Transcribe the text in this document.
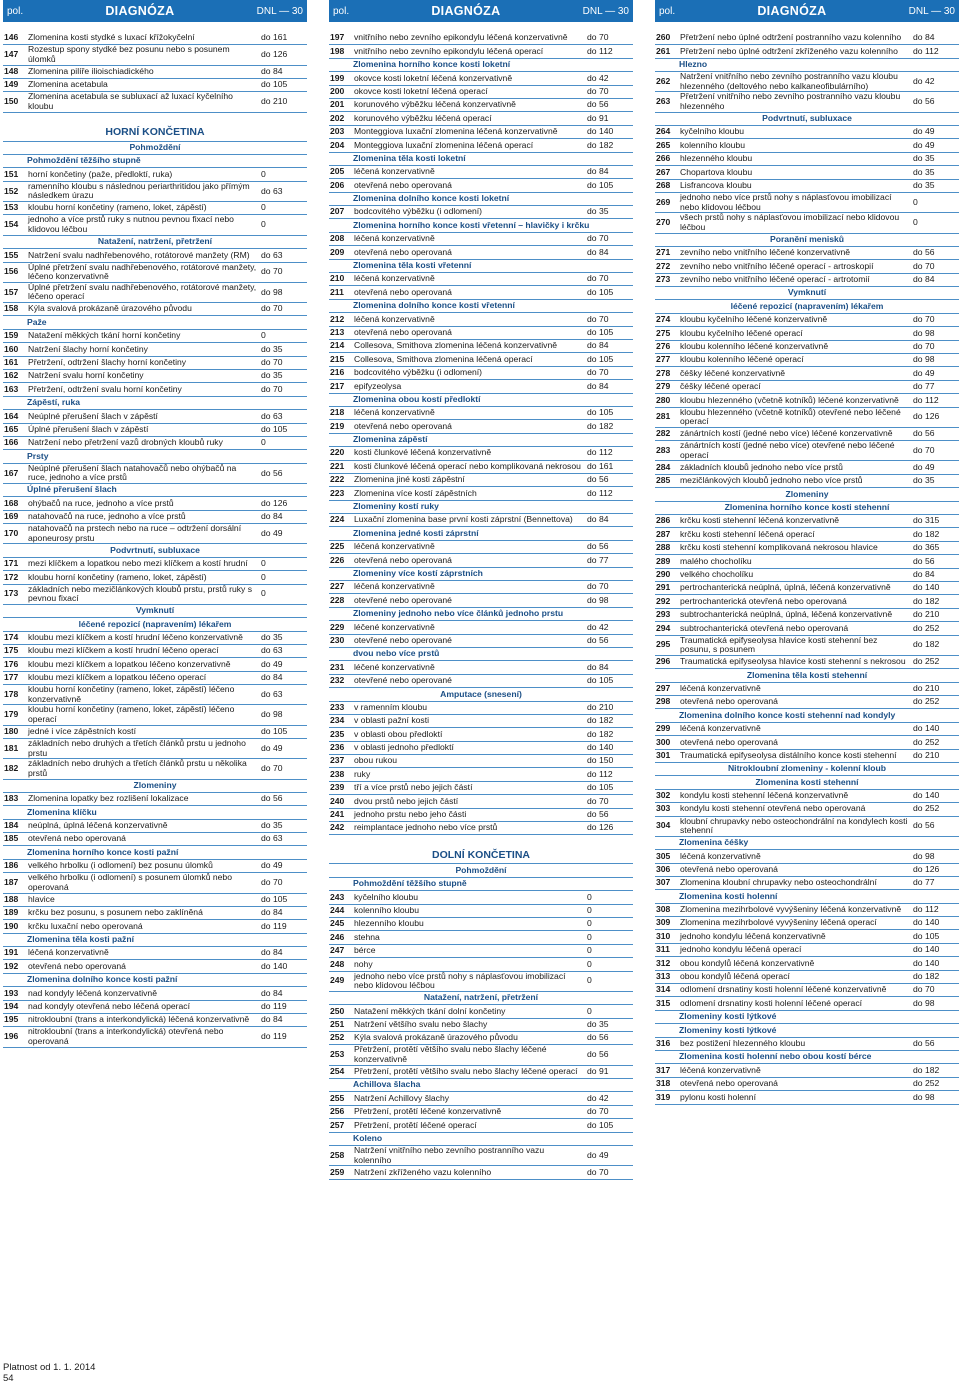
pol.	DIAGNÓZA	DNL — 30
146	Zlomenina kosti stydké s luxací křížokyčelní	do 161
147	Rozestup spony stydké bez posunu nebo s posunem úlomků	do 126
148	Zlomenina pilíře ilioischiadického	do 84
149	Zlomenina acetabula	do 105
150	Zlomenina acetabula se subluxací až luxací kyčelního kloubu	do 210
HORNÍ KONČETINA		
Pohmoždění		
Pohmoždění těžšího stupně		
151	horní končetiny (paže, předloktí, ruka)	0
152	ramenního kloubu s následnou periarthritidou jako přímým následkem úrazu	do 63
153	kloubu horní končetiny (rameno, loket, zápěstí)	0
154	jednoho a více prstů ruky s nutnou pevnou fixací nebo klidovou léčbou	0
Natažení, natržení, přetržení		
155	Natržení svalu nadhřebenového, rotátorové manžety (RM)	do 63
156	Úplné přetržení svalu nadhřebenového, rotátorové manžety, léčeno konzervativně	do 70
157	Úplné přetržení svalu nadhřebenového, rotátorové manžety, léčeno operací	do 98
158	Kýla svalová prokázaně úrazového původu	do 70
Paže		
159	Natažení měkkých tkání horní končetiny	0
160	Natržení šlachy horní končetiny	do 35
161	Přetržení, odtržení šlachy horní končetiny	do 70
162	Natržení svalu horní končetiny	do 35
163	Přetržení, odtržení svalu horní končetiny	do 70
Zápěstí, ruka		
164	Neúplné přerušení šlach v zápěstí	do 63
165	Úplné přerušení šlach v zápěstí	do 105
166	Natržení nebo přetržení vazů drobných kloubů ruky	0
Prsty		
167	Neúplné přerušení šlach natahovačů nebo ohýbačů na ruce, jednoho a více prstů	do 56
Úplné přerušení šlach		
168	ohýbačů na ruce, jednoho a více prstů	do 126
169	natahovačů na ruce, jednoho a více prstů	do 84
170	natahovačů na prstech nebo na ruce – odtržení dorsální aponeurosy prstu	do 49
Podvrtnutí, subluxace		
171	mezi klíčkem a lopatkou nebo mezi klíčkem a kostí hrudní	0
172	kloubu horní končetiny (rameno, loket, zápěstí)	0
173	základních nebo mezičlánkových kloubů prstu, prstů ruky s pevnou fixací	0
Vymknutí		
léčené repozicí (napravením) lékařem		
174	kloubu mezi klíčkem a kostí hrudní léčeno konzervativně	do 35
175	kloubu mezi klíčkem a kostí hrudní léčeno operací	do 63
176	kloubu mezi klíčkem a lopatkou léčeno konzervativně	do 49
177	kloubu mezi klíčkem a lopatkou léčeno operací	do 84
178	kloubu horní končetiny (rameno, loket, zápěstí) léčeno konzervativně	do 63
179	kloubu horní končetiny (rameno, loket, zápěstí) léčeno operací	do 98
180	jedné i více zápěstních kostí	do 105
181	základních nebo druhých a třetích článků prstu u jednoho prstu	do 49
182	základních nebo druhých a třetích článků prstu u několika prstů	do 70
Zlomeniny		
183	Zlomenina lopatky bez rozlišení lokalizace	do 56
Zlomenina klíčku		
184	neúplná, úplná léčená konzervativně	do 35
185	otevřená nebo operovaná	do 63
Zlomenina horního konce kosti pažní		
186	velkého hrbolku (i odlomení) bez posunu úlomků	do 49
187	velkého hrbolku (i odlomení) s posunem úlomků nebo operovaná	do 70
188	hlavice	do 105
189	krčku bez posunu, s posunem nebo zaklíněná	do 84
190	krčku luxační nebo operovaná	do 119
Zlomenina těla kosti pažní		
191	léčená konzervativně	do 84
192	otevřená nebo operovaná	do 140
Zlomenina dolního konce kosti pažní		
193	nad kondyly léčená konzervativně	do 84
194	nad kondyly otevřená nebo léčená operací	do 119
195	nitrokloubní (trans a interkondylická) léčená konzervativně	do 84
196	nitrokloubní (trans a interkondylická) otevřená nebo operovaná	do 119
pol.	DIAGNÓZA	DNL — 30
197	vnitřního nebo zevního epikondylu léčená konzervativně	do 70
198	vnitřního nebo zevního epikondylu léčená operací	do 112
Zlomenina horního konce kosti loketní		
199	okovce kosti loketní léčená konzervativně	do 42
200	okovce kosti loketní léčená operací	do 70
201	korunového výběžku léčená konzervativně	do 56
202	korunového výběžku léčená operací	do 91
203	Monteggiova luxační zlomenina léčená konzervativně	do 140
204	Monteggiova luxační zlomenina léčená operací	do 182
Zlomenina těla kosti loketní		
205	léčená konzervativně	do 84
206	otevřená nebo operovaná	do 105
Zlomenina dolního konce kosti loketní		
207	bodcovitého výběžku (i odlomení)	do 35
Zlomenina horního konce kosti vřetenní – hlavičky i krčku		
208	léčená konzervativně	do 70
209	otevřená nebo operovaná	do 84
Zlomenina těla kosti vřetenní		
210	léčená konzervativně	do 70
211	otevřená nebo operovaná	do 105
Zlomenina dolního konce kosti vřetenní		
212	léčená konzervativně	do 70
213	otevřená nebo operovaná	do 105
214	Collesova, Smithova zlomenina léčená konzervativně	do 84
215	Collesova, Smithova zlomenina léčená operací	do 105
216	bodcovitého výběžku (i odlomení)	do 70
217	epifyzeolysa	do 84
Zlomenina obou kostí předloktí		
218	léčená konzervativně	do 105
219	otevřená nebo operovaná	do 182
Zlomenina zápěstí		
220	kosti člunkové léčená konzervativně	do 112
221	kosti člunkové léčená operací nebo komplikovaná nekrosou	do 161
222	Zlomenina jiné kosti zápěstní	do 56
223	Zlomenina více kostí zápěstních	do 112
Zlomeniny kostí ruky		
224	Luxační zlomenina base první kosti záprstní (Bennettova)	do 84
Zlomenina jedné kosti záprstní		
225	léčená konzervativně	do 56
226	otevřená nebo operovaná	do 77
Zlomeniny více kostí záprstních		
227	léčená konzervativně	do 70
228	otevřené nebo operované	do 98
Zlomeniny jednoho nebo více článků jednoho prstu		
229	léčené konzervativně	do 42
230	otevřené nebo operované	do 56
dvou nebo více prstů		
231	léčené konzervativně	do 84
232	otevřené nebo operované	do 105
Amputace (snesení)		
233	v ramenním kloubu	do 210
234	v oblasti pažní kosti	do 182
235	v oblasti obou předloktí	do 182
236	v oblasti jednoho předloktí	do 140
237	obou rukou	do 150
238	ruky	do 112
239	tří a více prstů nebo jejich částí	do 105
240	dvou prstů nebo jejich částí	do 70
241	jednoho prstu nebo jeho části	do 56
242	reimplantace jednoho nebo více prstů	do 126
DOLNÍ KONČETINA		
Pohmoždění		
Pohmoždění těžšího stupně		
243	kyčelního kloubu	0
244	kolenního kloubu	0
245	hlezenního kloubu	0
246	stehna	0
247	bérce	0
248	nohy	0
249	jednoho nebo více prstů nohy s náplasťovou imobilizací nebo klidovou léčbou	0
Natažení, natržení, přetržení		
250	Natažení měkkých tkání dolní končetiny	0
251	Natržení většího svalu nebo šlachy	do 35
252	Kýla svalová prokázaně úrazového původu	do 56
253	Přetržení, protětí většího svalu nebo šlachy léčené konzervativně	do 56
254	Přetržení, protětí většího svalu nebo šlachy léčené operací	do 91
Achillova šlacha		
255	Natržení Achillovy šlachy	do 42
256	Přetržení, protětí léčené konzervativně	do 70
257	Přetržení, protětí léčené operací	do 105
Koleno		
258	Natržení vnitřního nebo zevního postranního vazu kolenního	do 49
259	Natržení zkříženého vazu kolenního	do 70
pol.	DIAGNÓZA	DNL — 30
260	Přetržení nebo úplné odtržení postranního vazu kolenního	do 84
261	Přetržení nebo úplné odtržení zkříženého vazu kolenního	do 112
Hlezno		
262	Natržení vnitřního nebo zevního postranního vazu kloubu hlezenného (deltového nebo kalkaneofibulárního)	do 42
263	Přetržení vnitřního nebo zevního postranního vazu kloubu hlezenného	do 56
Podvrtnutí, subluxace		
264	kyčelního kloubu	do 49
265	kolenního kloubu	do 49
266	hlezenného kloubu	do 35
267	Chopartova kloubu	do 35
268	Lisfrancova kloubu	do 35
269	jednoho nebo více prstů nohy s náplasťovou imobilizací nebo klidovou léčbou	0
270	všech prstů nohy s náplasťovou imobilizací nebo klidovou léčbou	0
Poranění menisků		
271	zevního nebo vnitřního léčené konzervativně	do 56
272	zevního nebo vnitřního léčené operací - artroskopií	do 70
273	zevního nebo vnitřního léčené operací - artrotomií	do 84
Vymknutí		
léčené repozicí (napravením) lékařem		
274	kloubu kyčelního léčené konzervativně	do 70
275	kloubu kyčelního léčené operací	do 98
276	kloubu kolenního léčené konzervativně	do 70
277	kloubu kolenního léčené operací	do 98
278	čéšky léčené konzervativně	do 49
279	čéšky léčené operací	do 77
280	kloubu hlezenného (včetně kotníků) léčené konzervativně	do 112
281	kloubu hlezenného (včetně kotníků) otevřené nebo léčené operací	do 126
282	zánártních kostí (jedné nebo více) léčené konzervativně	do 56
283	zánártních kostí (jedné nebo více) otevřené nebo léčené operací	do 70
284	základních kloubů jednoho nebo více prstů	do 49
285	mezičlánkových kloubů jednoho nebo více prstů	do 35
Zlomeniny		
Zlomenina horního konce kosti stehenní		
286	krčku kosti stehenní léčená konzervativně	do 315
287	krčku kosti stehenní léčená operací	do 182
288	krčku kosti stehenní komplikovaná nekrosou hlavice	do 365
289	malého chocholíku	do 56
290	velkého chocholíku	do 84
291	pertrochanterická neúplná, úplná, léčená konzervativně	do 140
292	pertrochanterická otevřená nebo operovaná	do 182
293	subtrochanterická neúplná, úplná, léčená konzervativně	do 210
294	subtrochanterická otevřená nebo operovaná	do 252
295	Traumatická epifyseolysa hlavice kosti stehenní bez posunu, s posunem	do 182
296	Traumatická epifyseolysa hlavice kosti stehenní s nekrosou	do 252
Zlomenina těla kosti stehenní		
297	léčená konzervativně	do 210
298	otevřená nebo operovaná	do 252
Zlomenina dolního konce kosti stehenní nad kondyly		
299	léčená konzervativně	do 140
300	otevřená nebo operovaná	do 252
301	Traumatická epifyseolysa distálního konce kosti stehenní	do 210
Nitrokloubní zlomeniny - kolenní kloub		
Zlomenina kosti stehenní		
302	kondylu kosti stehenní léčená konzervativně	do 140
303	kondylu kosti stehenní otevřená nebo operovaná	do 252
304	kloubní chrupavky nebo osteochondrální na kondylech kosti stehenní	do 56
Zlomenina čéšky		
305	léčená konzervativně	do 98
306	otevřená nebo operovaná	do 126
307	Zlomenina kloubní chrupavky nebo osteochondrální	do 77
Zlomenina kosti holenní		
308	Zlomenina mezihrbolové vyvýšeniny léčená konzervativně	do 112
309	Zlomenina mezihrbolové vyvýšeniny léčená operací	do 140
310	jednoho kondylu léčená konzervativně	do 105
311	jednoho kondylu léčená operací	do 140
312	obou kondylů léčená konzervativně	do 140
313	obou kondylů léčená operací	do 182
314	odlomení drsnatiny kosti holenní léčené konzervativně	do 70
315	odlomení drsnatiny kosti holenní léčené operací	do 98
Zlomeniny kosti lýtkové		
Zlomeniny kosti lýtkové		
316	bez postižení hlezenného kloubu	do 56
Zlomenina kosti holenní nebo obou kostí bérce		
317	léčená konzervativně	do 182
318	otevřená nebo operovaná	do 252
319	pylonu kosti holenní	do 98
Platnost od 1. 1. 2014
54
